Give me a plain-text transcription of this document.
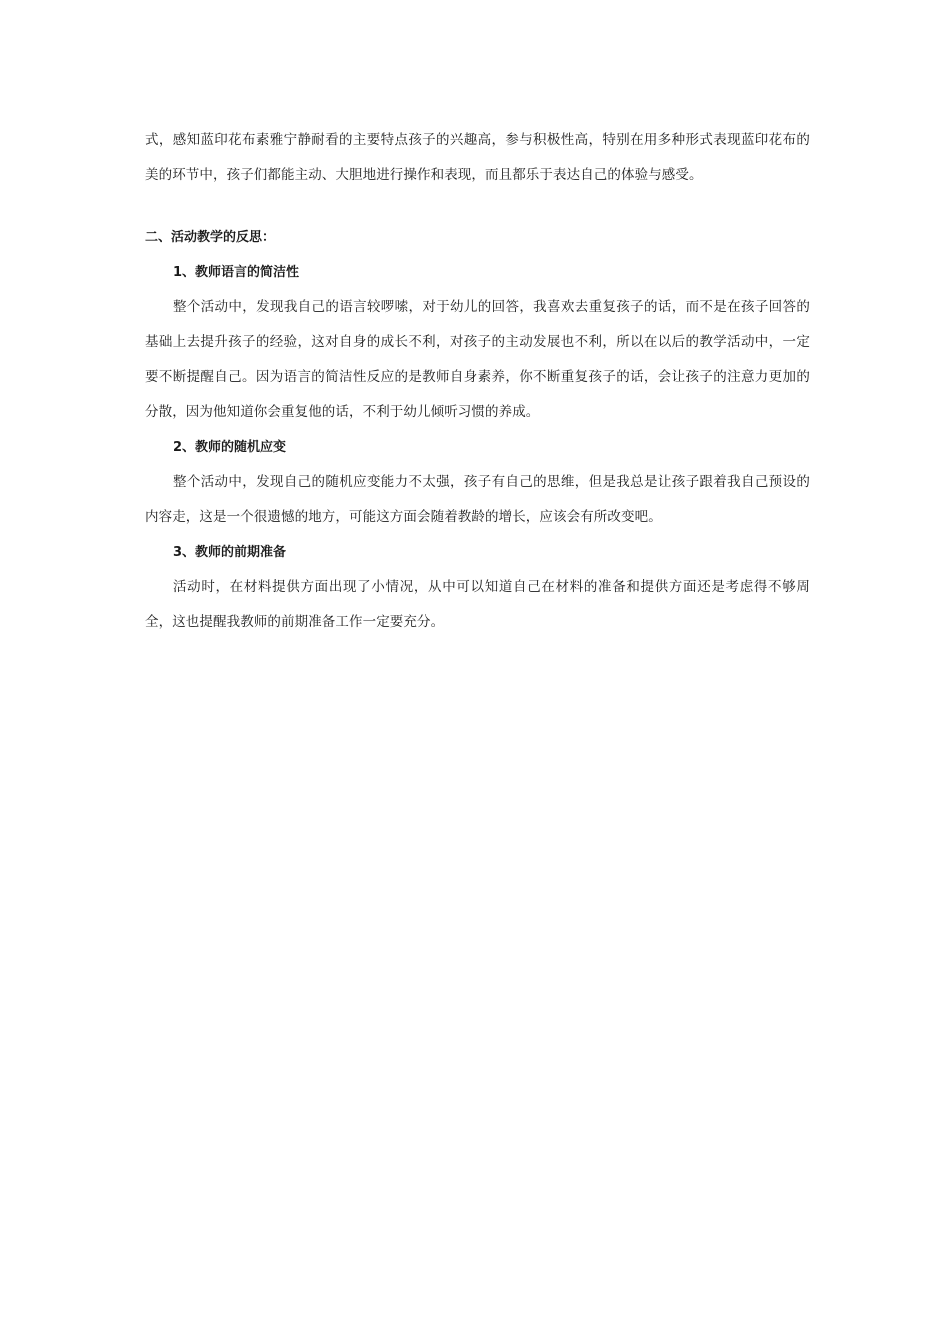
式，感知蓝印花布素雅宁静耐看的主要特点孩子的兴趣高，参与积极性高，特别在用多种形式表现蓝印花布的美的环节中，孩子们都能主动、大胆地进行操作和表现，而且都乐于表达自己的体验与感受。

二、活动教学的反思：

1、教师语言的简洁性

整个活动中，发现我自己的语言较啰嗦，对于幼儿的回答，我喜欢去重复孩子的话，而不是在孩子回答的基础上去提升孩子的经验，这对自身的成长不利，对孩子的主动发展也不利，所以在以后的教学活动中，一定要不断提醒自己。因为语言的简洁性反应的是教师自身素养，你不断重复孩子的话，会让孩子的注意力更加的分散，因为他知道你会重复他的话，不利于幼儿倾听习惯的养成。

2、教师的随机应变

整个活动中，发现自己的随机应变能力不太强，孩子有自己的思维，但是我总是让孩子跟着我自己预设的内容走，这是一个很遗憾的地方，可能这方面会随着教龄的增长，应该会有所改变吧。

3、教师的前期准备

活动时，在材料提供方面出现了小情况，从中可以知道自己在材料的准备和提供方面还是考虑得不够周全，这也提醒我教师的前期准备工作一定要充分。
